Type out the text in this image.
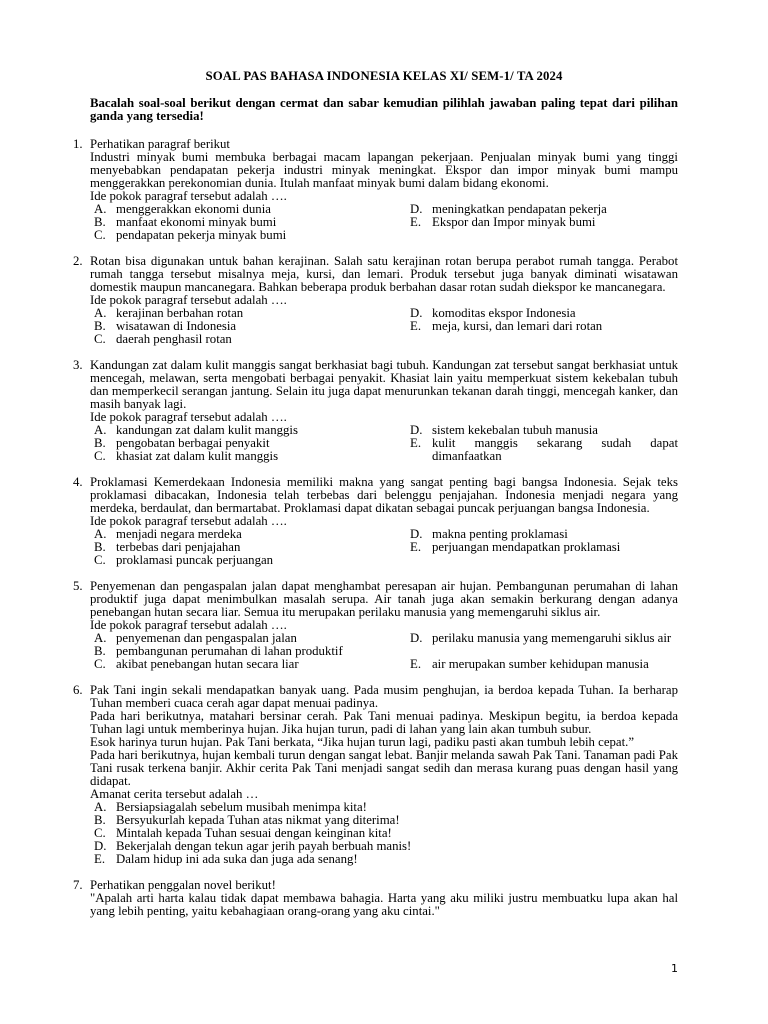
SOAL PAS BAHASA INDONESIA KELAS XI/ SEM-1/ TA 2024
Bacalah soal-soal berikut dengan cermat dan sabar kemudian pilihlah jawaban paling tepat dari pilihan ganda yang tersedia!
1. Perhatikan paragraf berikut

Industri minyak bumi membuka berbagai macam lapangan pekerjaan. Penjualan minyak bumi yang tinggi menyebabkan pendapatan pekerja industri minyak meningkat. Ekspor dan impor minyak bumi mampu menggerakkan perekonomian dunia. Itulah manfaat minyak bumi dalam bidang ekonomi.

Ide pokok paragraf tersebut adalah ….

A. menggerakkan ekonomi dunia	D. meningkatkan pendapatan pekerja
B. manfaat ekonomi minyak bumi	E. Ekspor dan Impor minyak bumi
C. pendapatan pekerja minyak bumi
2. Rotan bisa digunakan untuk bahan kerajinan. Salah satu kerajinan rotan berupa perabot rumah tangga. Perabot rumah tangga tersebut misalnya meja, kursi, dan lemari. Produk tersebut juga banyak diminati wisatawan domestik maupun mancanegara. Bahkan beberapa produk berbahan dasar rotan sudah diekspor ke mancanegara.

Ide pokok paragraf tersebut adalah ….

A. kerajinan berbahan rotan	D. komoditas ekspor Indonesia
B. wisatawan di Indonesia	E. meja, kursi, dan lemari dari rotan
C. daerah penghasil rotan
3. Kandungan zat dalam kulit manggis sangat berkhasiat bagi tubuh. Kandungan zat tersebut sangat berkhasiat untuk mencegah, melawan, serta mengobati berbagai penyakit. Khasiat lain yaitu memperkuat sistem kekebalan tubuh dan memperkecil serangan jantung. Selain itu juga dapat menurunkan tekanan darah tinggi, mencegah kanker, dan masih banyak lagi.

Ide pokok paragraf tersebut adalah ….

A. kandungan zat dalam kulit manggis	D. sistem kekebalan tubuh manusia
B. pengobatan berbagai penyakit	E. kulit manggis sekarang sudah dapat dimanfaatkan
C. khasiat zat dalam kulit manggis
4. Proklamasi Kemerdekaan Indonesia memiliki makna yang sangat penting bagi bangsa Indonesia. Sejak teks proklamasi dibacakan, Indonesia telah terbebas dari belenggu penjajahan. Indonesia menjadi negara yang merdeka, berdaulat, dan bermartabat. Proklamasi dapat dikatan sebagai puncak perjuangan bangsa Indonesia.

Ide pokok paragraf tersebut adalah ….

A. menjadi negara merdeka	D. makna penting proklamasi
B. terbebas dari penjajahan	E. perjuangan mendapatkan proklamasi
C. proklamasi puncak perjuangan
5. Penyemenan dan pengaspalan jalan dapat menghambat peresapan air hujan. Pembangunan perumahan di lahan produktif juga dapat menimbulkan masalah serupa. Air tanah juga akan semakin berkurang dengan adanya penebangan hutan secara liar. Semua itu merupakan perilaku manusia yang memengaruhi siklus air.

Ide pokok paragraf tersebut adalah ….

A. penyemenan dan pengaspalan jalan	D. perilaku manusia yang memengaruhi siklus air
B. pembangunan perumahan di lahan produktif
C. akibat penebangan hutan secara liar	E. air merupakan sumber kehidupan manusia
6. Pak Tani ingin sekali mendapatkan banyak uang. Pada musim penghujan, ia berdoa kepada Tuhan. Ia berharap Tuhan memberi cuaca cerah agar dapat menuai padinya.

Pada hari berikutnya, matahari bersinar cerah. Pak Tani menuai padinya. Meskipun begitu, ia berdoa kepada Tuhan lagi untuk memberinya hujan. Jika hujan turun, padi di lahan yang lain akan tumbuh subur.

Esok harinya turun hujan. Pak Tani berkata, “Jika hujan turun lagi, padiku pasti akan tumbuh lebih cepat.”

Pada hari berikutnya, hujan kembali turun dengan sangat lebat. Banjir melanda sawah Pak Tani. Tanaman padi Pak Tani rusak terkena banjir. Akhir cerita Pak Tani menjadi sangat sedih dan merasa kurang puas dengan hasil yang didapat.

Amanat cerita tersebut adalah …

A. Bersiapsiagalah sebelum musibah menimpa kita!
B. Bersyukurlah kepada Tuhan atas nikmat yang diterima!
C. Mintalah kepada Tuhan sesuai dengan keinginan kita!
D. Bekerjalah dengan tekun agar jerih payah berbuah manis!
E. Dalam hidup ini ada suka dan juga ada senang!
7. Perhatikan penggalan novel berikut!

"Apalah arti harta kalau tidak dapat membawa bahagia. Harta yang aku miliki justru membuatku lupa akan hal yang lebih penting, yaitu kebahagiaan orang-orang yang aku cintai."

1
